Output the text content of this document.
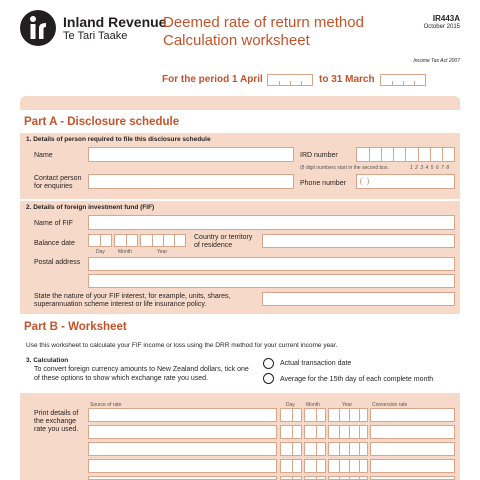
Inland Revenue
Te Tari Taake
Deemed rate of return method
Calculation worksheet
IR443A
October 2015
Income Tax Act 2007
For the period 1 April	to 31 March
Part A - Disclosure schedule
1. Details of person required to file this disclosure schedule
Name	IRD number
(8 digit numbers start in the second box.	1 2 3 4 5 6 7 8
Contact person
for enquiries	Phone number
2. Details of foreign investment fund (FIF)
Name of FIF
Balance date
Day	Month	Year
Country or territory
of residence
Postal address
State the nature of your FIF interest, for example, units, shares,
superannuation scheme interest or life insurance policy.
Part B - Worksheet
Use this worksheet to calculate your FIF income or loss using the DRR method for your current income year.
3. Calculation
To convert foreign currency amounts to New Zealand dollars, tick one
of these options to show which exchange rate you used.
Actual transaction date
Average for the 15th day of each complete month
Source of rate	Day Month	Year	Conversion rate
Print details of
the exchange
rate you used.
